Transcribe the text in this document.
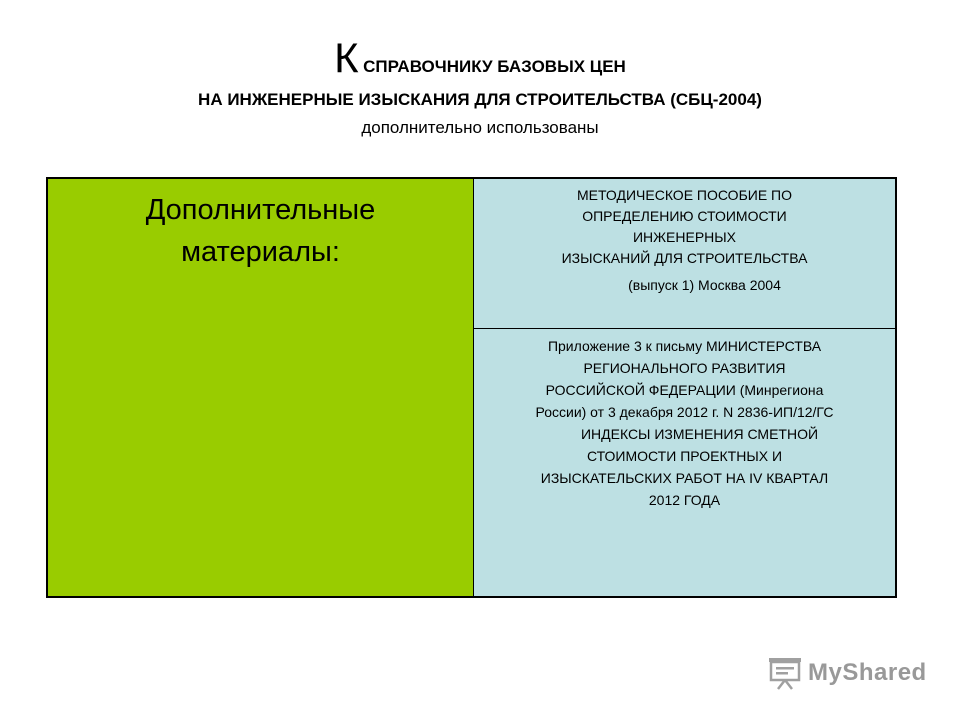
К СПРАВОЧНИКУ БАЗОВЫХ ЦЕН
НА ИНЖЕНЕРНЫЕ ИЗЫСКАНИЯ ДЛЯ СТРОИТЕЛЬСТВА (СБЦ-2004)
дополнительно использованы
Дополнительные
материалы:
МЕТОДИЧЕСКОЕ ПОСОБИЕ ПО
ОПРЕДЕЛЕНИЮ СТОИМОСТИ
ИНЖЕНЕРНЫХ
ИЗЫСКАНИЙ ДЛЯ СТРОИТЕЛЬСТВА
(выпуск 1) Москва 2004
Приложение 3 к письму МИНИСТЕРСТВА
РЕГИОНАЛЬНОГО РАЗВИТИЯ
РОССИЙСКОЙ ФЕДЕРАЦИИ (Минрегиона
России) от 3 декабря 2012 г. N 2836-ИП/12/ГС
ИНДЕКСЫ ИЗМЕНЕНИЯ СМЕТНОЙ
СТОИМОСТИ ПРОЕКТНЫХ И
ИЗЫСКАТЕЛЬСКИХ РАБОТ НА IV КВАРТАЛ
2012 ГОДА
MyShared
